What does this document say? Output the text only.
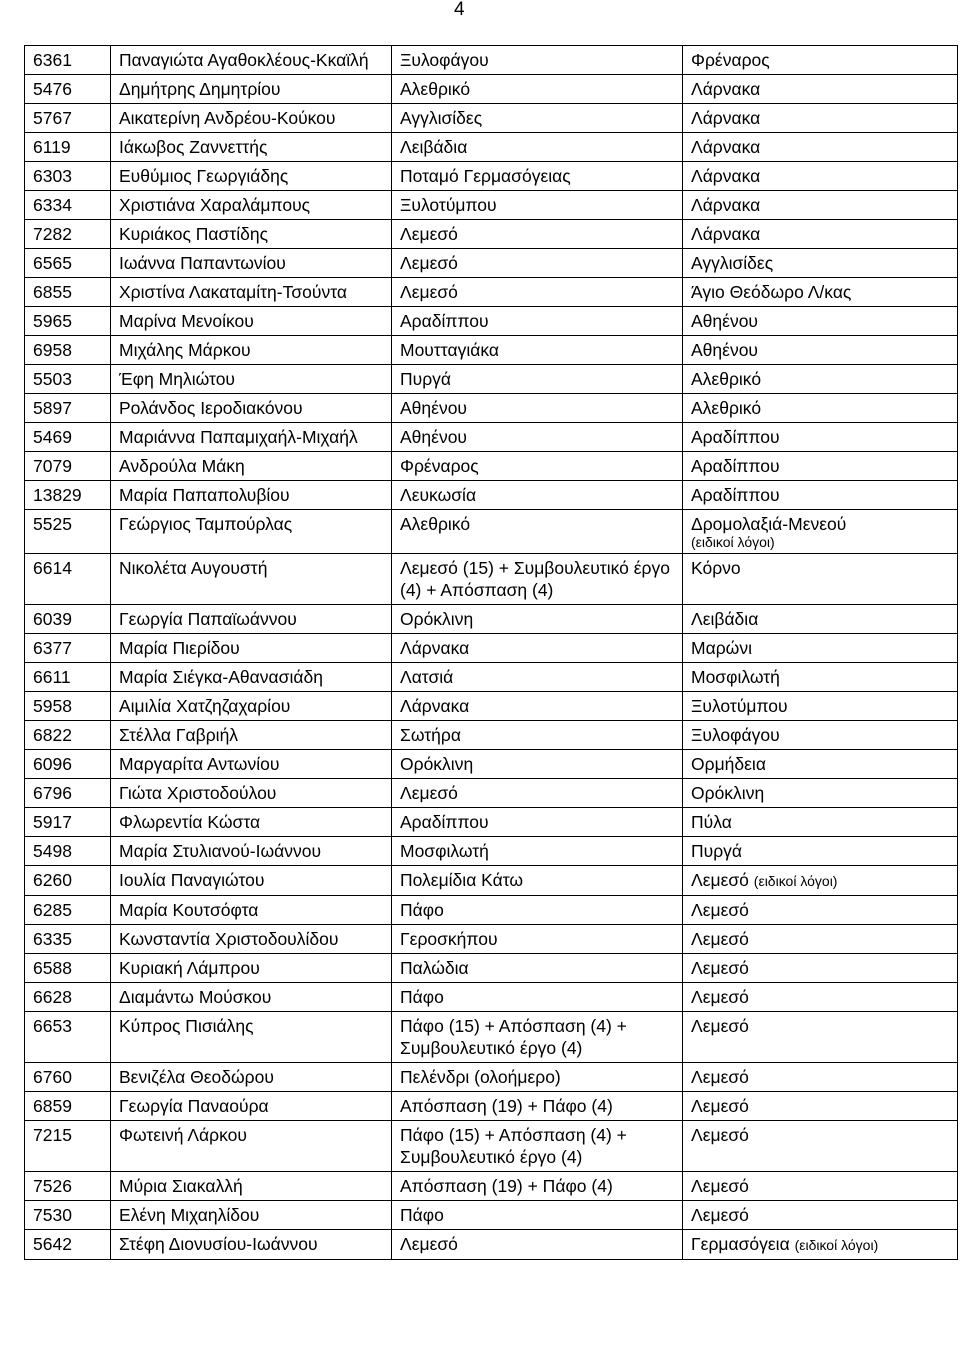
4
6361	Παναγιώτα Αγαθοκλέους-Κκαϊλή	Ξυλοφάγου	Φρέναρος
5476	Δημήτρης Δημητρίου	Αλεθρικό	Λάρνακα
5767	Αικατερίνη Ανδρέου-Κούκου	Αγγλισίδες	Λάρνακα
6119	Ιάκωβος Ζαννεττής	Λειβάδια	Λάρνακα
6303	Ευθύμιος Γεωργιάδης	Ποταμό Γερμασόγειας	Λάρνακα
6334	Χριστιάνα Χαραλάμπους	Ξυλοτύμπου	Λάρνακα
7282	Κυριάκος Παστίδης	Λεμεσό	Λάρνακα
6565	Ιωάννα Παπαντωνίου	Λεμεσό	Αγγλισίδες
6855	Χριστίνα Λακαταμίτη-Τσούντα	Λεμεσό	Άγιο Θεόδωρο Λ/κας
5965	Μαρίνα Μενοίκου	Αραδίππου	Αθηένου
6958	Μιχάλης Μάρκου	Μουτταγιάκα	Αθηένου
5503	Έφη Μηλιώτου	Πυργά	Αλεθρικό
5897	Ρολάνδος Ιεροδιακόνου	Αθηένου	Αλεθρικό
5469	Μαριάννα Παπαμιχαήλ-Μιχαήλ	Αθηένου	Αραδίππου
7079	Ανδρούλα Μάκη	Φρέναρος	Αραδίππου
13829	Μαρία Παπαπολυβίου	Λευκωσία	Αραδίππου
5525	Γεώργιος Ταμπούρλας	Αλεθρικό	Δρομολαξιά-Μενεού
(ειδικοί λόγοι)

6614	Νικολέτα Αυγουστή	Λεμεσό (15) + Συμβουλευτικό έργο (4) + Απόσπαση (4)	Κόρνο
6039	Γεωργία Παπαϊωάννου	Ορόκλινη	Λειβάδια
6377	Μαρία Πιερίδου	Λάρνακα	Μαρώνι
6611	Μαρία Σιέγκα-Αθανασιάδη	Λατσιά	Μοσφιλωτή
5958	Αιμιλία Χατζηζαχαρίου	Λάρνακα	Ξυλοτύμπου
6822	Στέλλα Γαβριήλ	Σωτήρα	Ξυλοφάγου
6096	Μαργαρίτα Αντωνίου	Ορόκλινη	Ορμήδεια
6796	Γιώτα Χριστοδούλου	Λεμεσό	Ορόκλινη
5917	Φλωρεντία Κώστα	Αραδίππου	Πύλα
5498	Μαρία Στυλιανού-Ιωάννου	Μοσφιλωτή	Πυργά
6260	Ιουλία Παναγιώτου	Πολεμίδια Κάτω	Λεμεσό (ειδικοί λόγοι)
6285	Μαρία Κουτσόφτα	Πάφο	Λεμεσό
6335	Κωνσταντία Χριστοδουλίδου	Γεροσκήπου	Λεμεσό
6588	Κυριακή Λάμπρου	Παλώδια	Λεμεσό
6628	Διαμάντω Μούσκου	Πάφο	Λεμεσό
6653	Κύπρος Πισιάλης	Πάφο (15) + Απόσπαση (4) + Συμβουλευτικό έργο (4)	Λεμεσό
6760	Βενιζέλα Θεοδώρου	Πελένδρι (ολοήμερο)	Λεμεσό
6859	Γεωργία Παναούρα	Απόσπαση (19) + Πάφο (4)	Λεμεσό
7215	Φωτεινή Λάρκου	Πάφο (15) + Απόσπαση (4) + Συμβουλευτικό έργο (4)	Λεμεσό
7526	Μύρια Σιακαλλή	Απόσπαση (19) + Πάφο (4)	Λεμεσό
7530	Ελένη Μιχαηλίδου	Πάφο	Λεμεσό
5642	Στέφη Διονυσίου-Ιωάννου	Λεμεσό	Γερμασόγεια (ειδικοί λόγοι)
